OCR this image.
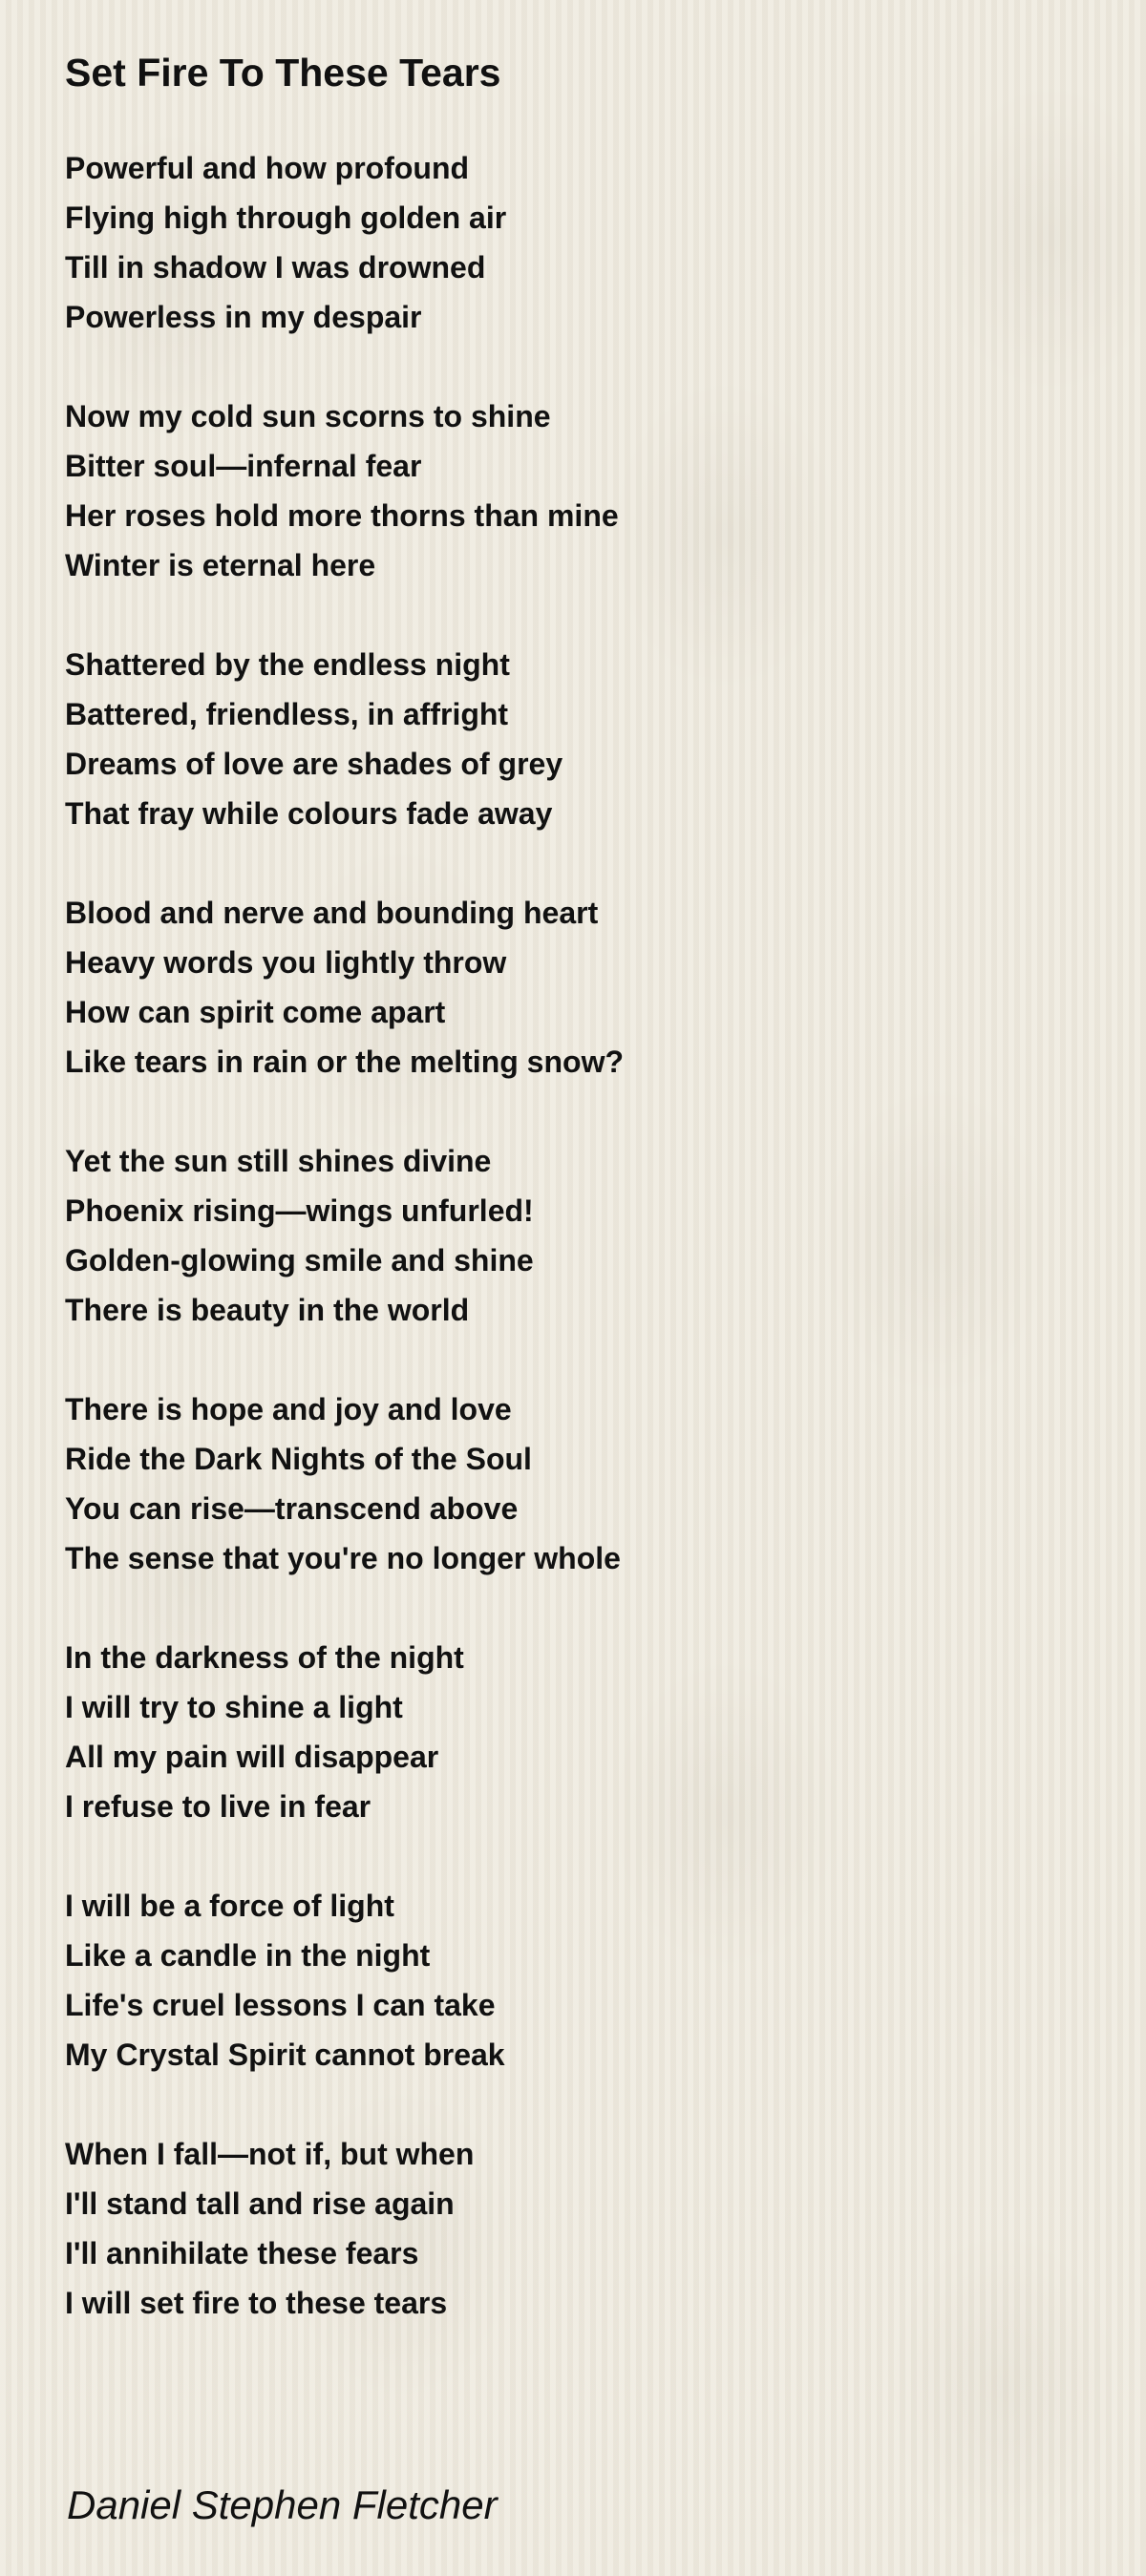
Set Fire To These Tears
Powerful and how profound
Flying high through golden air
Till in shadow I was drowned
Powerless in my despair
Now my cold sun scorns to shine
Bitter soul—infernal fear
Her roses hold more thorns than mine
Winter is eternal here
Shattered by the endless night
Battered, friendless, in affright
Dreams of love are shades of grey
That fray while colours fade away
Blood and nerve and bounding heart
Heavy words you lightly throw
How can spirit come apart
Like tears in rain or the melting snow?
Yet the sun still shines divine
Phoenix rising—wings unfurled!
Golden-glowing smile and shine
There is beauty in the world
There is hope and joy and love
Ride the Dark Nights of the Soul
You can rise—transcend above
The sense that you're no longer whole
In the darkness of the night
I will try to shine a light
All my pain will disappear
I refuse to live in fear
I will be a force of light
Like a candle in the night
Life's cruel lessons I can take
My Crystal Spirit cannot break
When I fall—not if, but when
I'll stand tall and rise again
I'll annihilate these fears
I will set fire to these tears

Daniel Stephen Fletcher
